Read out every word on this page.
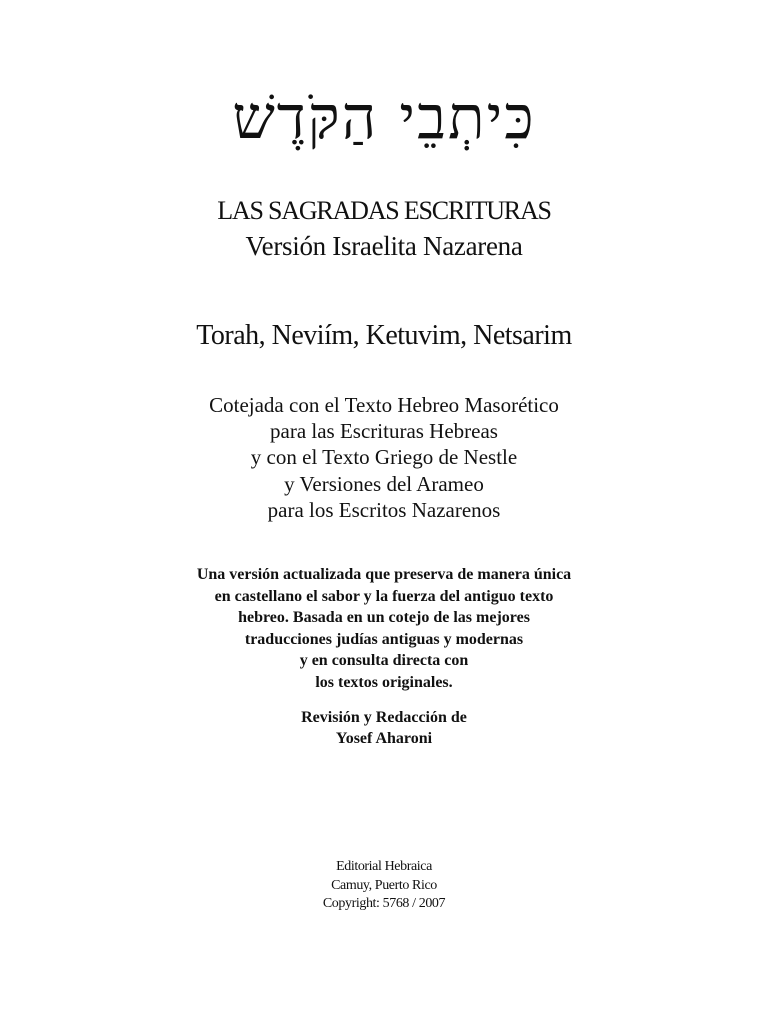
כִּיתְבֵי הַקֹּדֶשׁ
LAS SAGRADAS ESCRITURAS
Versión Israelita Nazarena
Torah, Neviím, Ketuvim, Netsarim
Cotejada con el Texto Hebreo Masorético
para las Escrituras Hebreas
y con el Texto Griego de Nestle
y Versiones del Arameo
para los Escritos Nazarenos
Una versión actualizada que preserva de manera única
en castellano el sabor y la fuerza del antiguo texto
hebreo. Basada en un cotejo de las mejores
traducciones judías antiguas y modernas
y en consulta directa con
los textos originales.
Revisión y Redacción de
Yosef Aharoni
Editorial Hebraica
Camuy, Puerto Rico
Copyright: 5768 / 2007
